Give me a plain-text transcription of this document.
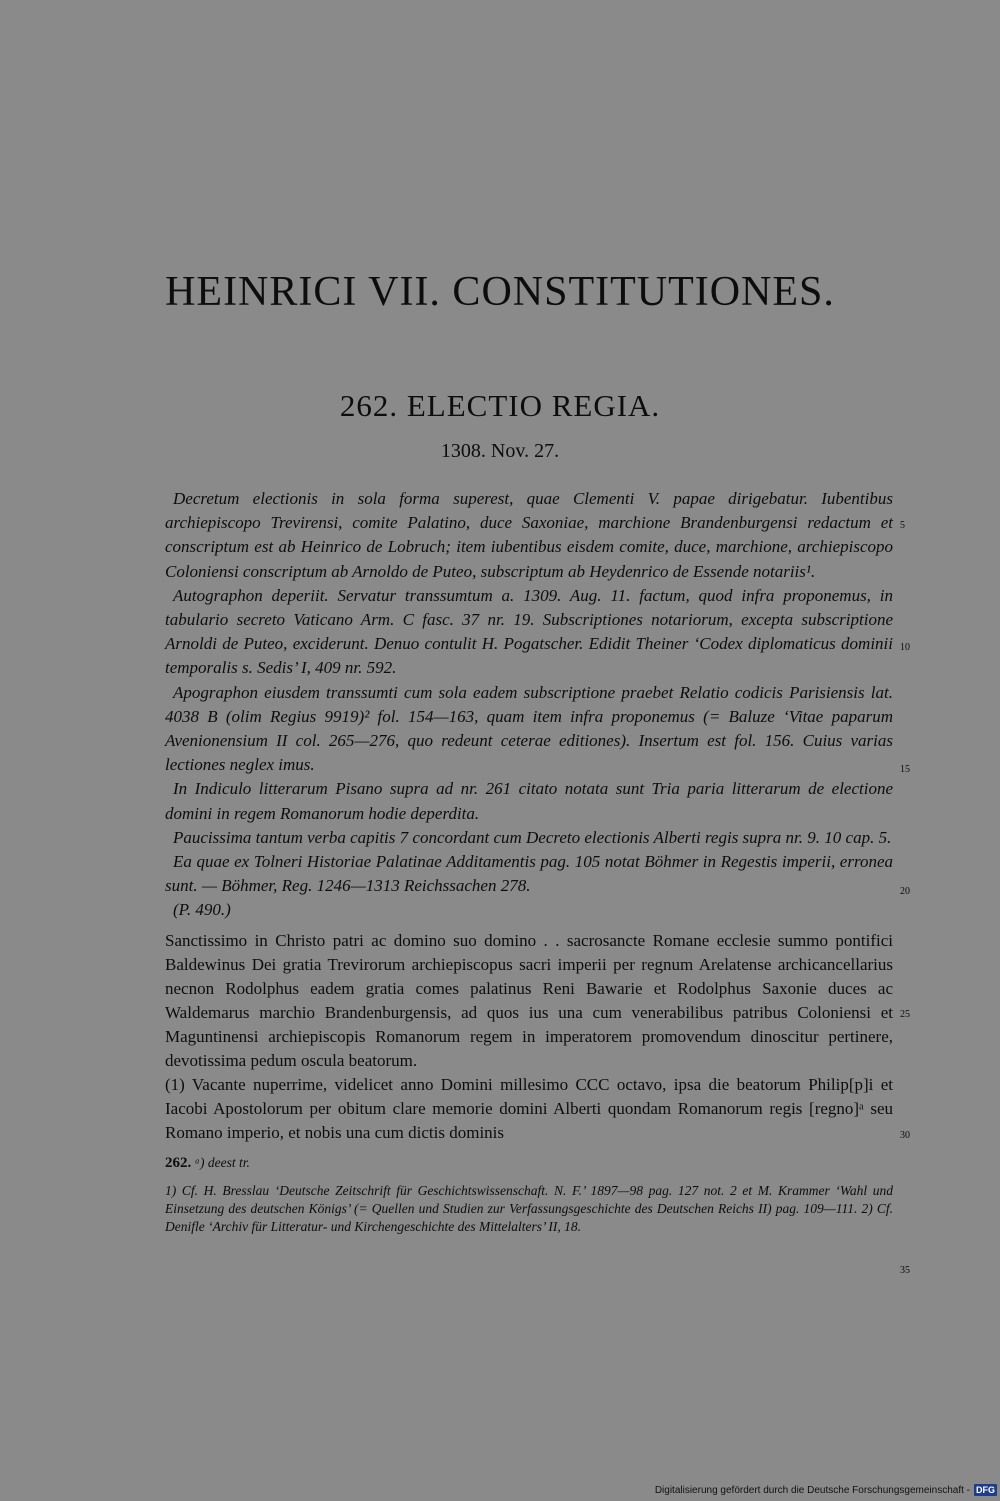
HEINRICI VII. CONSTITUTIONES.
262. ELECTIO REGIA.
1308. Nov. 27.

Decretum electionis in sola forma superest, quae Clementi V. papae dirigebatur. Iubentibus archiepiscopo Trevirensi, comite Palatino, duce Saxoniae, marchione Brandenburgensi redactum et conscriptum est ab Heinrico de Lobruch; item iubentibus eisdem comite, duce, marchione, archiepiscopo Coloniensi conscriptum ab Arnoldo de Puteo, subscriptum ab Heydenrico de Essende notariis¹.

Autographon deperiit. Servatur transsumtum a. 1309. Aug. 11. factum, quod infra proponemus, in tabulario secreto Vaticano Arm. C fasc. 37 nr. 19. Subscriptiones notariorum, excepta subscriptione Arnoldi de Puteo, exciderunt. Denuo contulit H. Pogatscher. Edidit Theiner ‘Codex diplomaticus dominii temporalis s. Sedis’ I, 409 nr. 592.

Apographon eiusdem transsumti cum sola eadem subscriptione praebet Relatio codicis Parisiensis lat. 4038 B (olim Regius 9919)² fol. 154—163, quam item infra proponemus (= Baluze ‘Vitae paparum Avenionensium II col. 265—276, quo redeunt ceterae editiones). Insertum est fol. 156. Cuius varias lectiones neglex imus.

In Indiculo litterarum Pisano supra ad nr. 261 citato notata sunt Tria paria litterarum de electione domini in regem Romanorum hodie deperdita.

Paucissima tantum verba capitis 7 concordant cum Decreto electionis Alberti regis supra nr. 9. 10 cap. 5.

Ea quae ex Tolneri Historiae Palatinae Additamentis pag. 105 notat Böhmer in Regestis imperii, erronea sunt. — Böhmer, Reg. 1246—1313 Reichssachen 278.

(P. 490.)

Sanctissimo in Christo patri ac domino suo domino . . sacrosancte Romane ecclesie summo pontifici Baldewinus Dei gratia Trevirorum archiepiscopus sacri imperii per regnum Arelatense archicancellarius necnon Rodolphus eadem gratia comes palatinus Reni Bawarie et Rodolphus Saxonie duces ac Waldemarus marchio Brandenburgensis, ad quos ius una cum venerabilibus patribus Coloniensi et Maguntinensi archiepiscopis Romanorum regem in imperatorem promovendum dinoscitur pertinere, devotissima pedum oscula beatorum.

(1) Vacante nuperrime, videlicet anno Domini millesimo CCC octavo, ipsa die beatorum Philip[p]i et Iacobi Apostolorum per obitum clare memorie domini Alberti quondam Romanorum regis [regno]ᵃ seu Romano imperio, et nobis una cum dictis dominis

262. ᵃ) deest tr.

1) Cf. H. Bresslau ‘Deutsche Zeitschrift für Geschichtswissenschaft. N. F.’ 1897—98 pag. 127 not. 2 et M. Krammer ‘Wahl und Einsetzung des deutschen Königs’ (= Quellen und Studien zur Verfassungsgeschichte des Deutschen Reichs II) pag. 109—111. 2) Cf. Denifle ‘Archiv für Litteratur- und Kirchengeschichte des Mittelalters’ II, 18.

5
10
15
20
25
30
35
Digitalisierung gefördert durch die Deutsche Forschungsgemeinschaft - DFG
